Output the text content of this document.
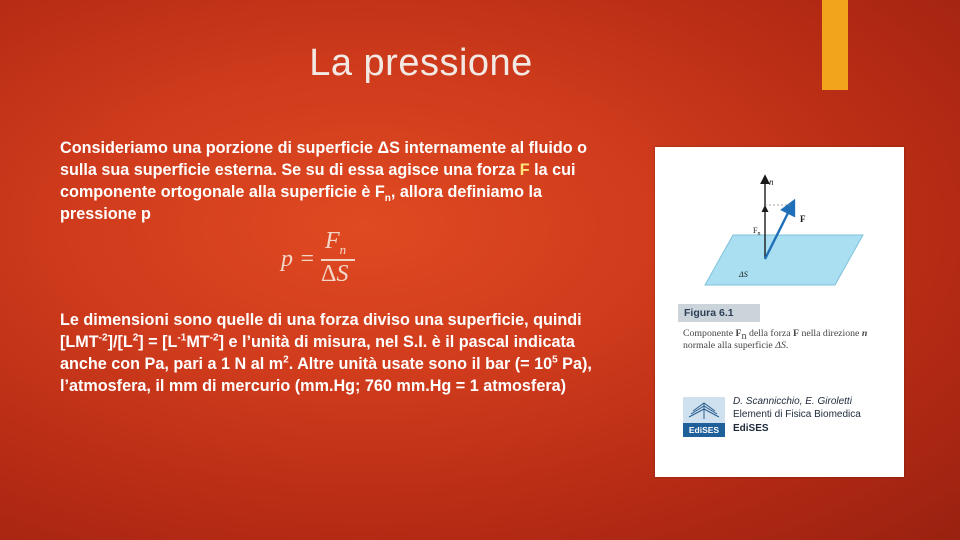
La pressione
Consideriamo una porzione di superficie ΔS internamente al fluido o sulla sua superficie esterna. Se su di essa agisce una forza F la cui componente ortogonale alla superficie è $F_n$, allora definiamo la pressione p
p =
$F_n$
ΔS
Le dimensioni sono quelle di una forza diviso una superficie, quindi $[LMT^{-2}]/[L^2] = [L^{-1}MT^{-2}]$ e l’unità di misura, nel S.I. è il pascal indicata anche con Pa, pari a 1 N al $m^2$. Altre unità usate sono il bar (= $10^5$ Pa), l’atmosfera, il mm di mercurio (mm.Hg; 760 mm.Hg = 1 atmosfera)
n
F
$F_n$
ΔS
Figura 6.1
Componente $F_n$ della forza F nella direzione n normale alla superficie ΔS.
EdiSES
D. Scannicchio, E. Giroletti
Elementi di Fisica Biomedica
EdiSES
